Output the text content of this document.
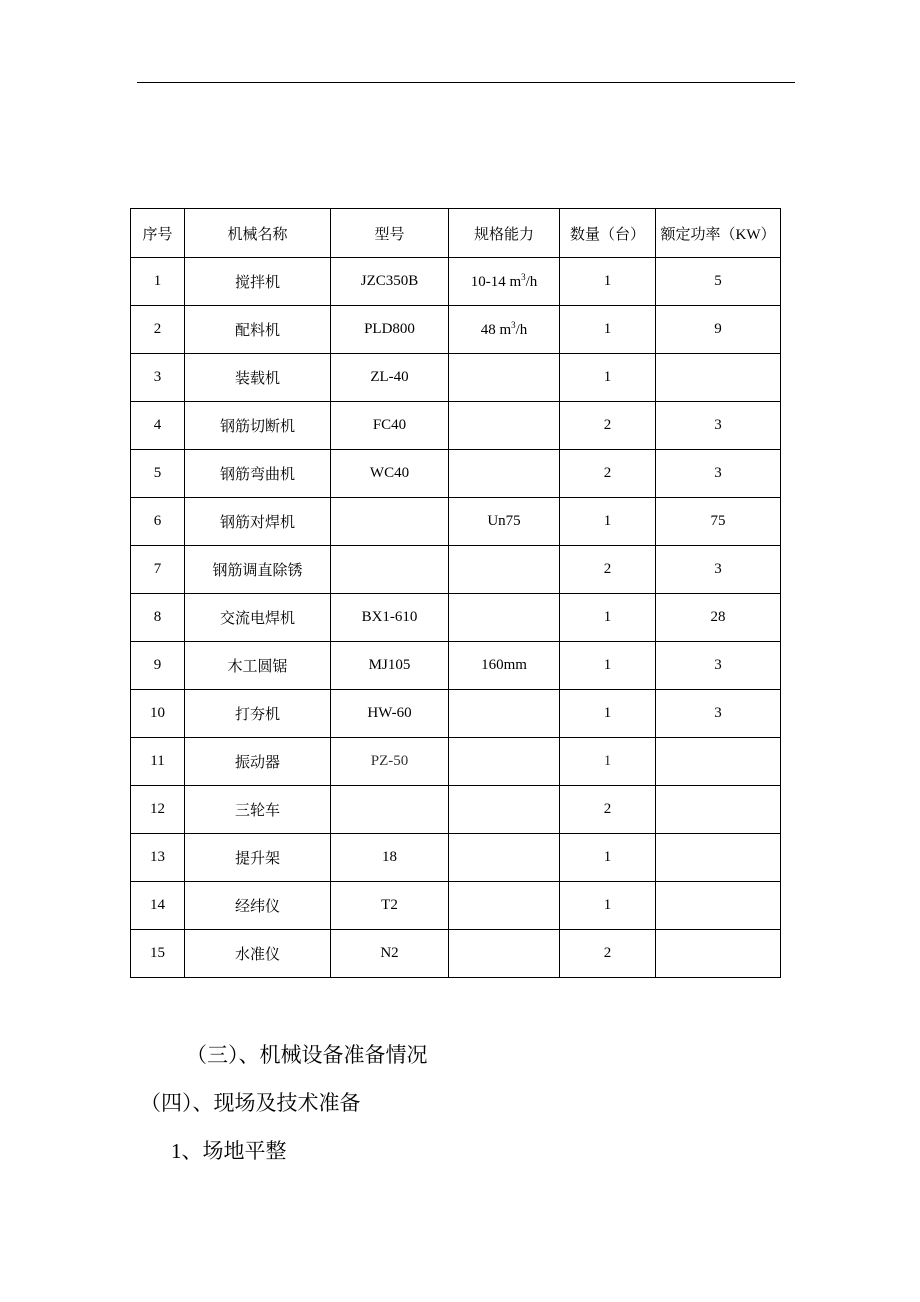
序号	机械名称	型号	规格能力	数量（台）	额定功率（KW）
1	搅拌机	JZC350B	10-14 $m^3/h$	1	5
2	配料机	PLD800	48 $m^3/h$	1	9
3	装载机	ZL-40		1	
4	钢筋切断机	FC40		2	3
5	钢筋弯曲机	WC40		2	3
6	钢筋对焊机		Un75	1	75
7	钢筋调直除锈			2	3
8	交流电焊机	BX1-610		1	28
9	木工圆锯	MJ105	160mm	1	3
10	打夯机	HW-60		1	3
11	振动器	PZ-50		1	
12	三轮车			2	
13	提升架	18		1	
14	经纬仪	T2		1	
15	水准仪	N2		2	
（三）、机械设备准备情况
（四）、现场及技术准备
1、场地平整
